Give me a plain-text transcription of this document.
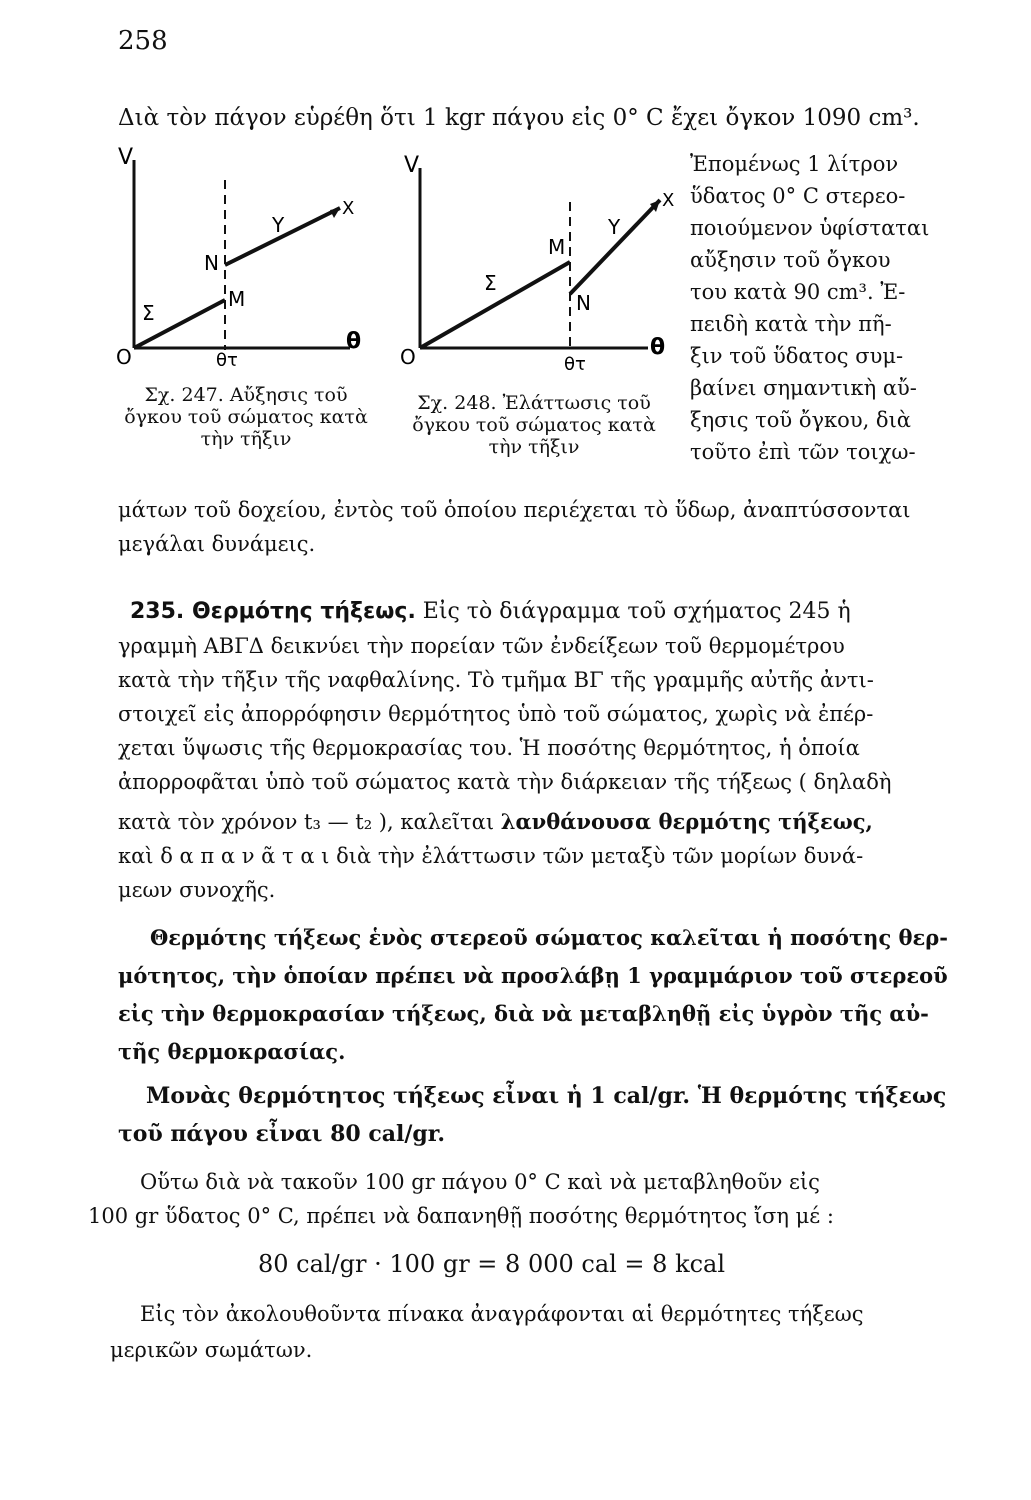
258
Διὰ τὸν πάγον εὑρέθη ὅτι 1 kgr πάγου εἰς 0° C ἔχει ὄγκον 1090 cm³.
V
O
θ
θτ
Σ
Μ
Ν
Υ
Χ
Σχ. 247. Αὔξησις τοῦ
ὄγκου τοῦ σώματος κατὰ
τὴν τῆξιν
V
O	θ
θτ
Σ
Μ
Ν
Υ
Χ
Σχ. 248. Ἐλάττωσις τοῦ
ὄγκου τοῦ σώματος κατὰ
τὴν τῆξιν
Ἐπομένως 1 λίτρον
ὕδατος 0° C στερεο-
ποιούμενον ὑφίσταται
αὔξησιν τοῦ ὄγκου
του κατὰ 90 cm³. Ἐ-
πειδὴ κατὰ τὴν πῆ-
ξιν τοῦ ὕδατος συμ-
βαίνει σημαντικὴ αὔ-
ξησις τοῦ ὄγκου, διὰ
τοῦτο ἐπὶ τῶν τοιχω-
μάτων τοῦ δοχείου, ἐντὸς τοῦ ὁποίου περιέχεται τὸ ὕδωρ, ἀναπτύσσονται
μεγάλαι δυνάμεις.
235. Θερμότης τήξεως. Εἰς τὸ διάγραμμα τοῦ σχήματος 245 ἡ
γραμμὴ ΑΒΓΔ δεικνύει τὴν πορείαν τῶν ἐνδείξεων τοῦ θερμομέτρου
κατὰ τὴν τῆξιν τῆς ναφθαλίνης. Τὸ τμῆμα ΒΓ τῆς γραμμῆς αὐτῆς ἀντι-
στοιχεῖ εἰς ἀπορρόφησιν θερμότητος ὑπὸ τοῦ σώματος, χωρὶς νὰ ἐπέρ-
χεται ὕψωσις τῆς θερμοκρασίας του. Ἡ ποσότης θερμότητος, ἡ ὁποία
ἀπορροφᾶται ὑπὸ τοῦ σώματος κατὰ τὴν διάρκειαν τῆς τήξεως ( δηλαδὴ
κατὰ τὸν χρόνον t₃ — t₂ ), καλεῖται λανθάνουσα θερμότης τήξεως,
καὶ δ α π α ν ᾶ τ α ι διὰ τὴν ἐλάττωσιν τῶν μεταξὺ τῶν μορίων δυνά-
μεων συνοχῆς.
Θερμότης τήξεως ἑνὸς στερεοῦ σώματος καλεῖται ἡ ποσότης θερ-
μότητος, τὴν ὁποίαν πρέπει νὰ προσλάβῃ 1 γραμμάριον τοῦ στερεοῦ
εἰς τὴν θερμοκρασίαν τήξεως, διὰ νὰ μεταβληθῇ εἰς ὑγρὸν τῆς αὐ-
τῆς θερμοκρασίας.
Μονὰς θερμότητος τήξεως εἶναι ἡ 1 cal/gr. Ἡ θερμότης τήξεως
τοῦ πάγου εἶναι 80 cal/gr.
Οὕτω διὰ νὰ τακοῦν 100 gr πάγου 0° C καὶ νὰ μεταβληθοῦν εἰς
100 gr ὕδατος 0° C, πρέπει νὰ δαπανηθῇ ποσότης θερμότητος ἴση μέ :
80 cal/gr · 100 gr = 8 000 cal = 8 kcal
Εἰς τὸν ἀκολουθοῦντα πίνακα ἀναγράφονται αἱ θερμότητες τήξεως
μερικῶν σωμάτων.
